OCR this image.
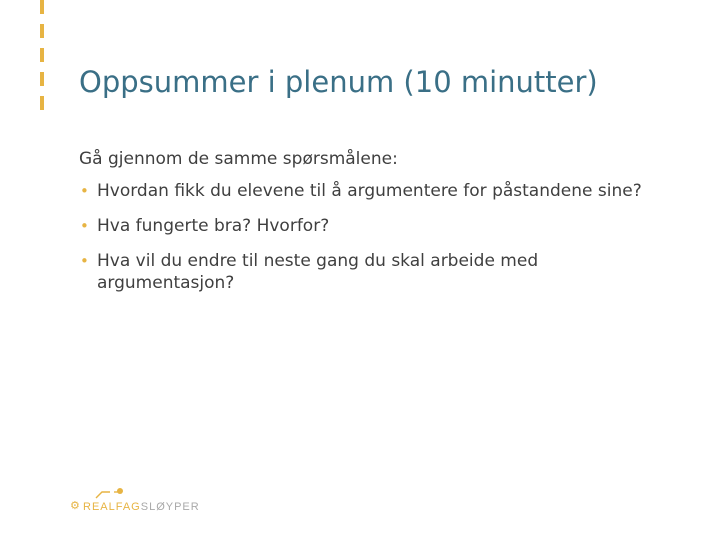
Oppsummer i plenum (10 minutter)

Gå gjennom de samme spørsmålene:

• Hvordan fikk du elevene til å argumentere for påstandene sine?
• Hva fungerte bra? Hvorfor?
• Hva vil du endre til neste gang du skal arbeide med argumentasjon?
⚙ REALFAGSLØYPER
